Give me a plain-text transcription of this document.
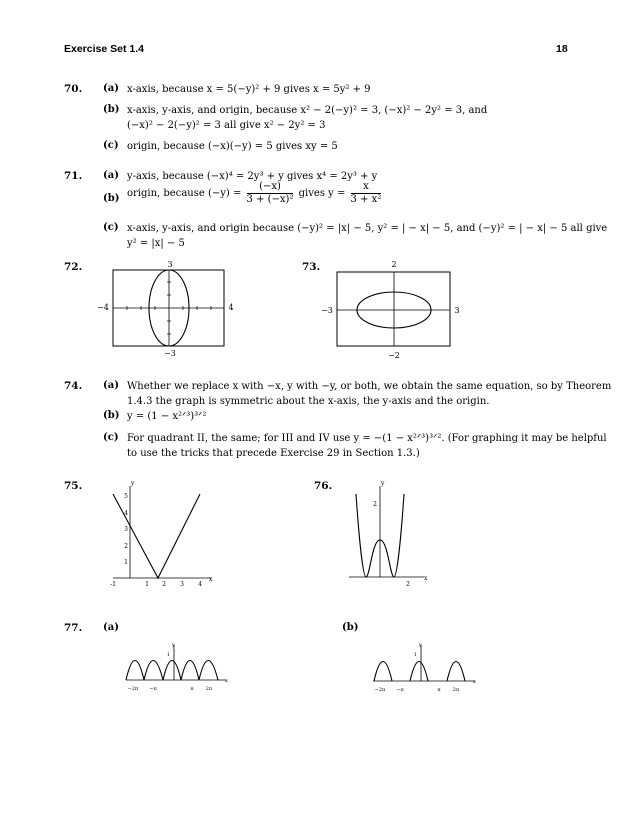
Exercise Set 1.4	18
70. (a) x-axis, because x = 5(−y)² + 9 gives x = 5y² + 9
(b) x-axis, y-axis, and origin, because x² − 2(−y)² = 3, (−x)² − 2y² = 3, and
(−x)² − 2(−y)² = 3 all give x² − 2y² = 3
(c) origin, because (−x)(−y) = 5 gives xy = 5
71. (a) y-axis, because (−x)⁴ = 2y³ + y gives x⁴ = 2y³ + y
(b) origin, because $(-y) = \frac{(-x)}{\text{3 + (−x)²}}$ gives $y = \frac{x}{\text{3 + x²}}$
(c) x-axis, y-axis, and origin because (−y)² = |x| − 5, y² = | − x| − 5, and (−y)² = | − x| − 5 all give
y² = |x| − 5
72.	3
−3
−4	4
73.	2
−2
−3	3
74. (a) Whether we replace x with −x, y with −y, or both, we obtain the same equation, so by Theorem
1.4.3 the graph is symmetric about the x-axis, the y-axis and the origin.
(b) y = (1 − x²ᐟ³)³ᐟ²
(c) For quadrant II, the same; for III and IV use y = −(1 − x²ᐟ³)³ᐟ². (For graphing it may be helpful
to use the tricks that precede Exercise 29 in Section 1.3.)
75.	y
x
1
2
3
4
5
-1	1 2 3 4
76.	y
x
2
2
77. (a)	(b)
y
x
1
−2π −π	π 2π
y
x
1
−2π −π	π 2π
